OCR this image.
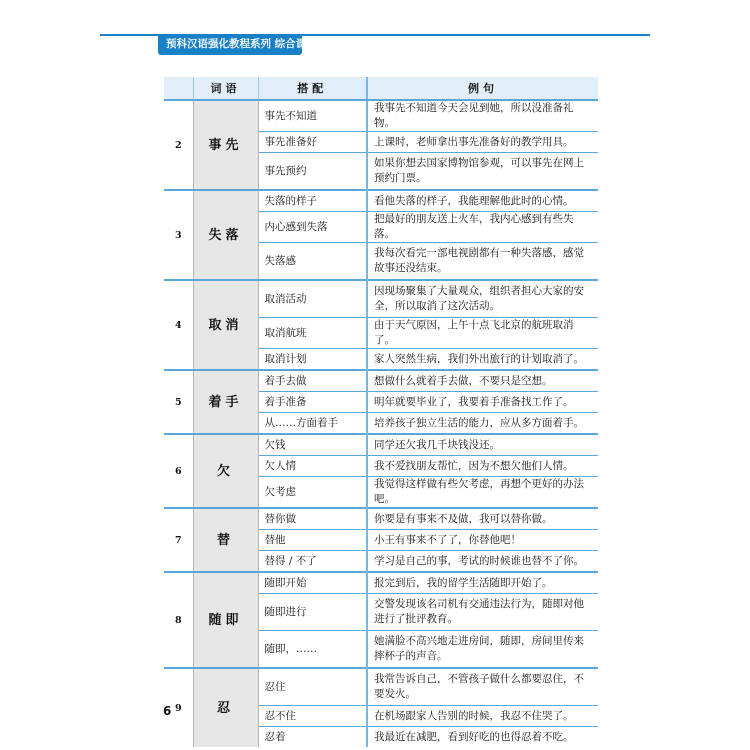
预科汉语强化教程系列 综合课本 6
	词语	搭配	例句
2	事先	事先不知道	我事先不知道今天会见到她，所以没准备礼物。
		事先准备好	上课时，老师拿出事先准备好的教学用具。
		事先预约	如果你想去国家博物馆参观，可以事先在网上预约门票。
3	失落	失落的样子	看他失落的样子，我能理解他此时的心情。
		内心感到失落	把最好的朋友送上火车，我内心感到有些失落。
		失落感	我每次看完一部电视剧都有一种失落感，感觉故事还没结束。
4	取消	取消活动	因现场聚集了大量观众，组织者担心大家的安全，所以取消了这次活动。
		取消航班	由于天气原因，上午十点飞北京的航班取消了。
		取消计划	家人突然生病，我们外出旅行的计划取消了。
5	着手	着手去做	想做什么就着手去做，不要只是空想。
		着手准备	明年就要毕业了，我要着手准备找工作了。
		从……方面着手	培养孩子独立生活的能力，应从多方面着手。
6	欠	欠钱	同学还欠我几千块钱没还。
		欠人情	我不爱找朋友帮忙，因为不想欠他们人情。
		欠考虑	我觉得这样做有些欠考虑，再想个更好的办法吧。
7	替	替你做	你要是有事来不及做，我可以替你做。
		替他	小王有事来不了了，你替他吧！
		替得 / 不了	学习是自己的事，考试的时候谁也替不了你。
8	随即	随即开始	报完到后，我的留学生活随即开始了。
		随即进行	交警发现该名司机有交通违法行为，随即对他进行了批评教育。
		随即，……	她满脸不高兴地走进房间，随即，房间里传来摔杯子的声音。
9	忍	忍住	我常告诉自己，不管孩子做什么都要忍住，不要发火。
		忍不住	在机场跟家人告别的时候，我忍不住哭了。
		忍着	我最近在减肥，看到好吃的也得忍着不吃。
6
